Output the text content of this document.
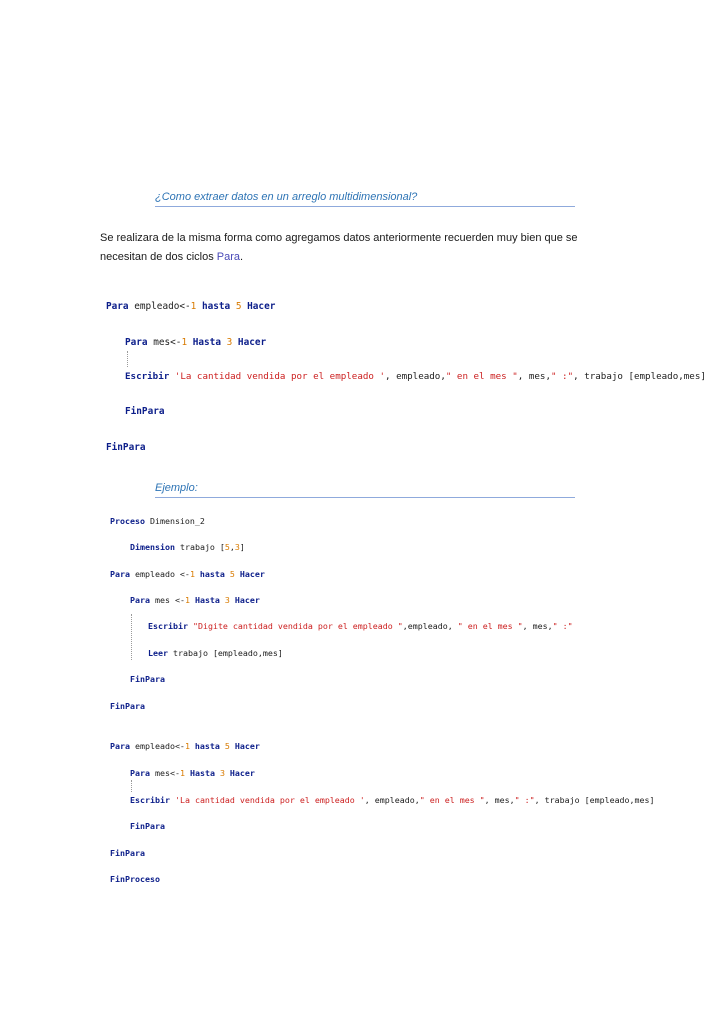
¿Como extraer datos en un arreglo multidimensional?
Se realizara de la misma forma como agregamos datos anteriormente recuerden muy bien que se
necesitan de dos ciclos Para.
Para empleado<-1 hasta 5 Hacer
Para mes<-1 Hasta 3 Hacer
Escribir 'La cantidad vendida por el empleado ', empleado," en el mes ", mes," :", trabajo [empleado,mes]
FinPara
FinPara
Ejemplo:
Proceso Dimension_2
Dimension trabajo [5,3]
Para empleado <-1 hasta 5 Hacer
Para mes <-1 Hasta 3 Hacer
Escribir "Digite cantidad vendida por el empleado ",empleado, " en el mes ", mes," :"
Leer trabajo [empleado,mes]
FinPara
FinPara
Para empleado<-1 hasta 5 Hacer
Para mes<-1 Hasta 3 Hacer
Escribir 'La cantidad vendida por el empleado ', empleado," en el mes ", mes," :", trabajo [empleado,mes]
FinPara
FinPara
FinProceso
